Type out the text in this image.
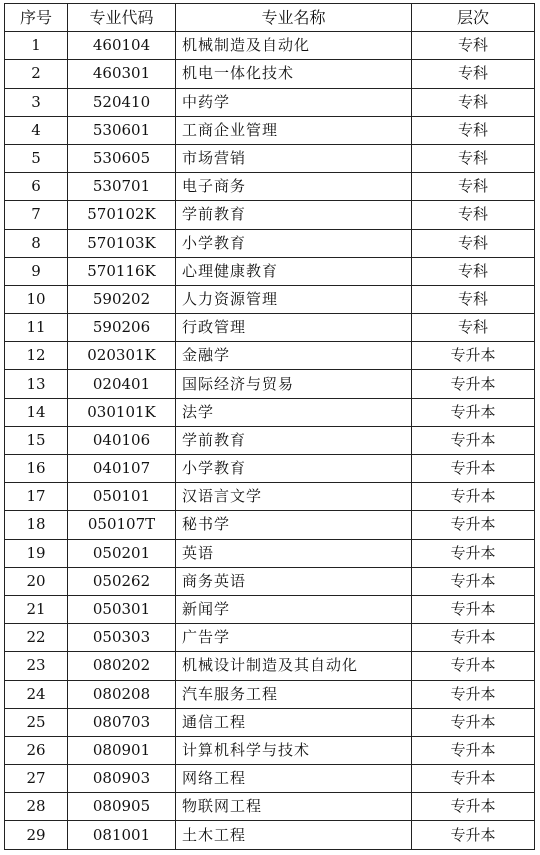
序号	专业代码	专业名称	层次
1	460104	机械制造及自动化	专科
2	460301	机电一体化技术	专科
3	520410	中药学	专科
4	530601	工商企业管理	专科
5	530605	市场营销	专科
6	530701	电子商务	专科
7	570102K	学前教育	专科
8	570103K	小学教育	专科
9	570116K	心理健康教育	专科
10	590202	人力资源管理	专科
11	590206	行政管理	专科
12	020301K	金融学	专升本
13	020401	国际经济与贸易	专升本
14	030101K	法学	专升本
15	040106	学前教育	专升本
16	040107	小学教育	专升本
17	050101	汉语言文学	专升本
18	050107T	秘书学	专升本
19	050201	英语	专升本
20	050262	商务英语	专升本
21	050301	新闻学	专升本
22	050303	广告学	专升本
23	080202	机械设计制造及其自动化	专升本
24	080208	汽车服务工程	专升本
25	080703	通信工程	专升本
26	080901	计算机科学与技术	专升本
27	080903	网络工程	专升本
28	080905	物联网工程	专升本
29	081001	土木工程	专升本
